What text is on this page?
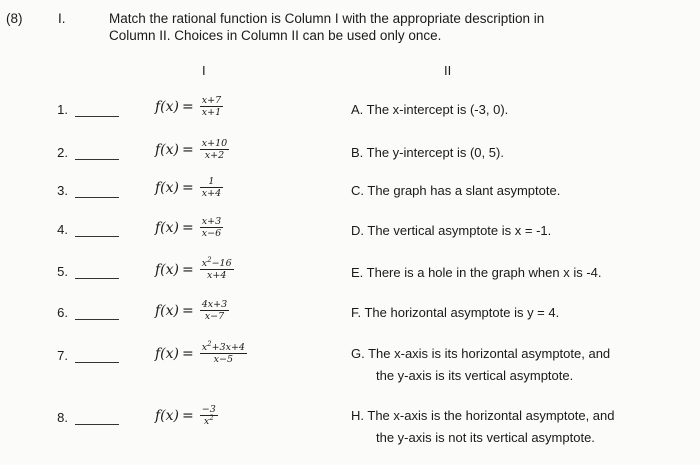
(8)	I.	Match the rational function is Column I with the appropriate description in
Column II. Choices in Column II can be used only once.
I	II
1.	$f(x) = \frac{x+7}{x+1}$	A. The x-intercept is (-3, 0).
2.	$f(x) = \frac{x+10}{x+2}$	B. The y-intercept is (0, 5).
3.	$f(x) = \frac{1}{x+4}$	C. The graph has a slant asymptote.
4.	$f(x) = \frac{x+3}{x-6}$	D. The vertical asymptote is x = -1.
5.	$f(x) = \frac{x^2-16}{x+4}$	E. There is a hole in the graph when x is -4.
6.	$f(x) = \frac{4x+3}{x-7}$	F. The horizontal asymptote is y = 4.
7.	$f(x) = \frac{x^2+3x+4}{x-5}$	G. The x-axis is its horizontal asymptote, and
the y-axis is its vertical asymptote.
8.	$f(x) = \frac{-3}{x^2}$	H. The x-axis is the horizontal asymptote, and
the y-axis is not its vertical asymptote.
